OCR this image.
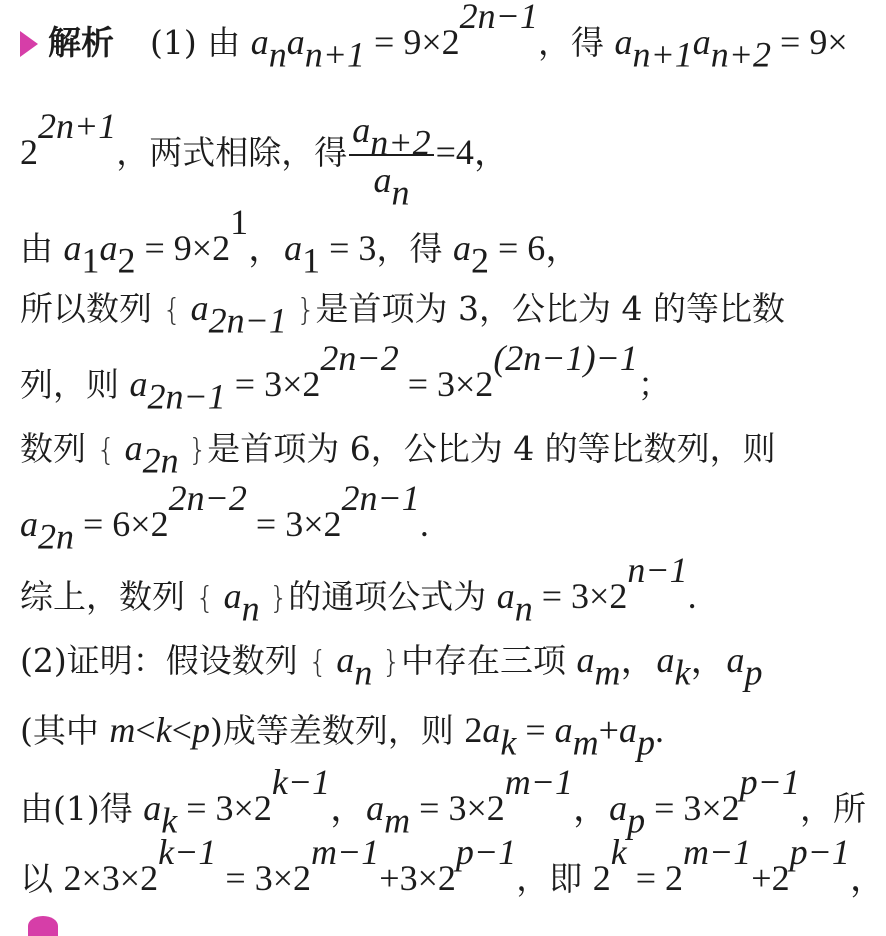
解析 (1) 由 $a_na_{n+1} = 9\times 2^{2n-1}$，得 $a_{n+1}a_{n+2} = 9\times$
$2^{2n+1}$，两式相除，得 $\frac{a_{n+2}}{a_n} =4$，
由 $a_1a_2 = 9\times 2^1$，$a_1 = 3$，得 $a_2 = 6$，
所以数列 { $a_{2n-1}$ }是首项为 3，公比为 4 的等比数
列，则 $a_{2n-1} = 3\times 2^{2n-2} = 3\times 2^{(2n-1)-1}$；
数列 { $a_{2n}$ }是首项为 6，公比为 4 的等比数列，则
$a_{2n} = 6\times 2^{2n-2} = 3\times 2^{2n-1}$.
综上，数列 { $a_n$ }的通项公式为 $a_n = 3\times 2^{n-1}$.
(2)证明：假设数列 { $a_n$ }中存在三项 $a_m$，$a_k$，$a_p$
(其中 m<k<p)成等差数列，则 $2a_k = a_m+a_p$.
由(1)得 $a_k = 3\times 2^{k-1}$，$a_m = 3\times 2^{m-1}$，$a_p = 3\times 2^{p-1}$，所
以 $2\times 3\times 2^{k-1} = 3\times 2^{m-1}+3\times 2^{p-1}$，即 $2^k = 2^{m-1}+2^{p-1}$，
